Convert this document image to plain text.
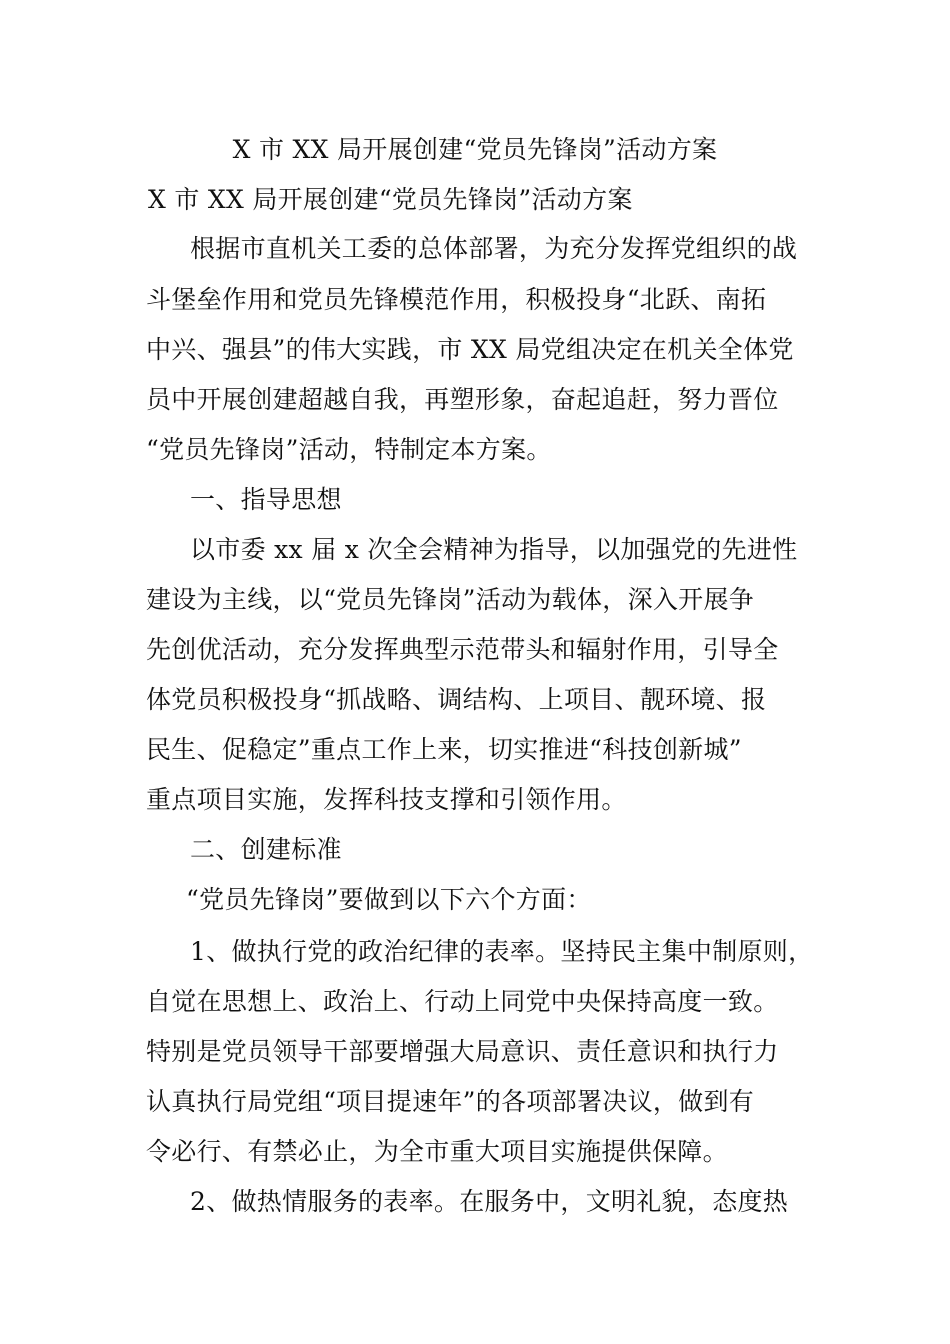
X 市 XX 局开展创建“党员先锋岗”活动方案
X 市 XX 局开展创建“党员先锋岗”活动方案
根据市直机关工委的总体部署，为充分发挥党组织的战
斗堡垒作用和党员先锋模范作用，积极投身“北跃、南拓
中兴、强县”的伟大实践，市 XX 局党组决定在机关全体党
员中开展创建超越自我，再塑形象，奋起追赶，努力晋位
“党员先锋岗”活动，特制定本方案。
一、指导思想
以市委 xx 届 x 次全会精神为指导，以加强党的先进性
建设为主线，以“党员先锋岗”活动为载体，深入开展争
先创优活动，充分发挥典型示范带头和辐射作用，引导全
体党员积极投身“抓战略、调结构、上项目、靓环境、报
民生、促稳定”重点工作上来，切实推进“科技创新城”
重点项目实施，发挥科技支撑和引领作用。
二、创建标准
“党员先锋岗”要做到以下六个方面：
1、做执行党的政治纪律的表率。坚持民主集中制原则，
自觉在思想上、政治上、行动上同党中央保持高度一致。
特别是党员领导干部要增强大局意识、责任意识和执行力
认真执行局党组“项目提速年”的各项部署决议，做到有
令必行、有禁必止，为全市重大项目实施提供保障。
2、做热情服务的表率。在服务中，文明礼貌，态度热
